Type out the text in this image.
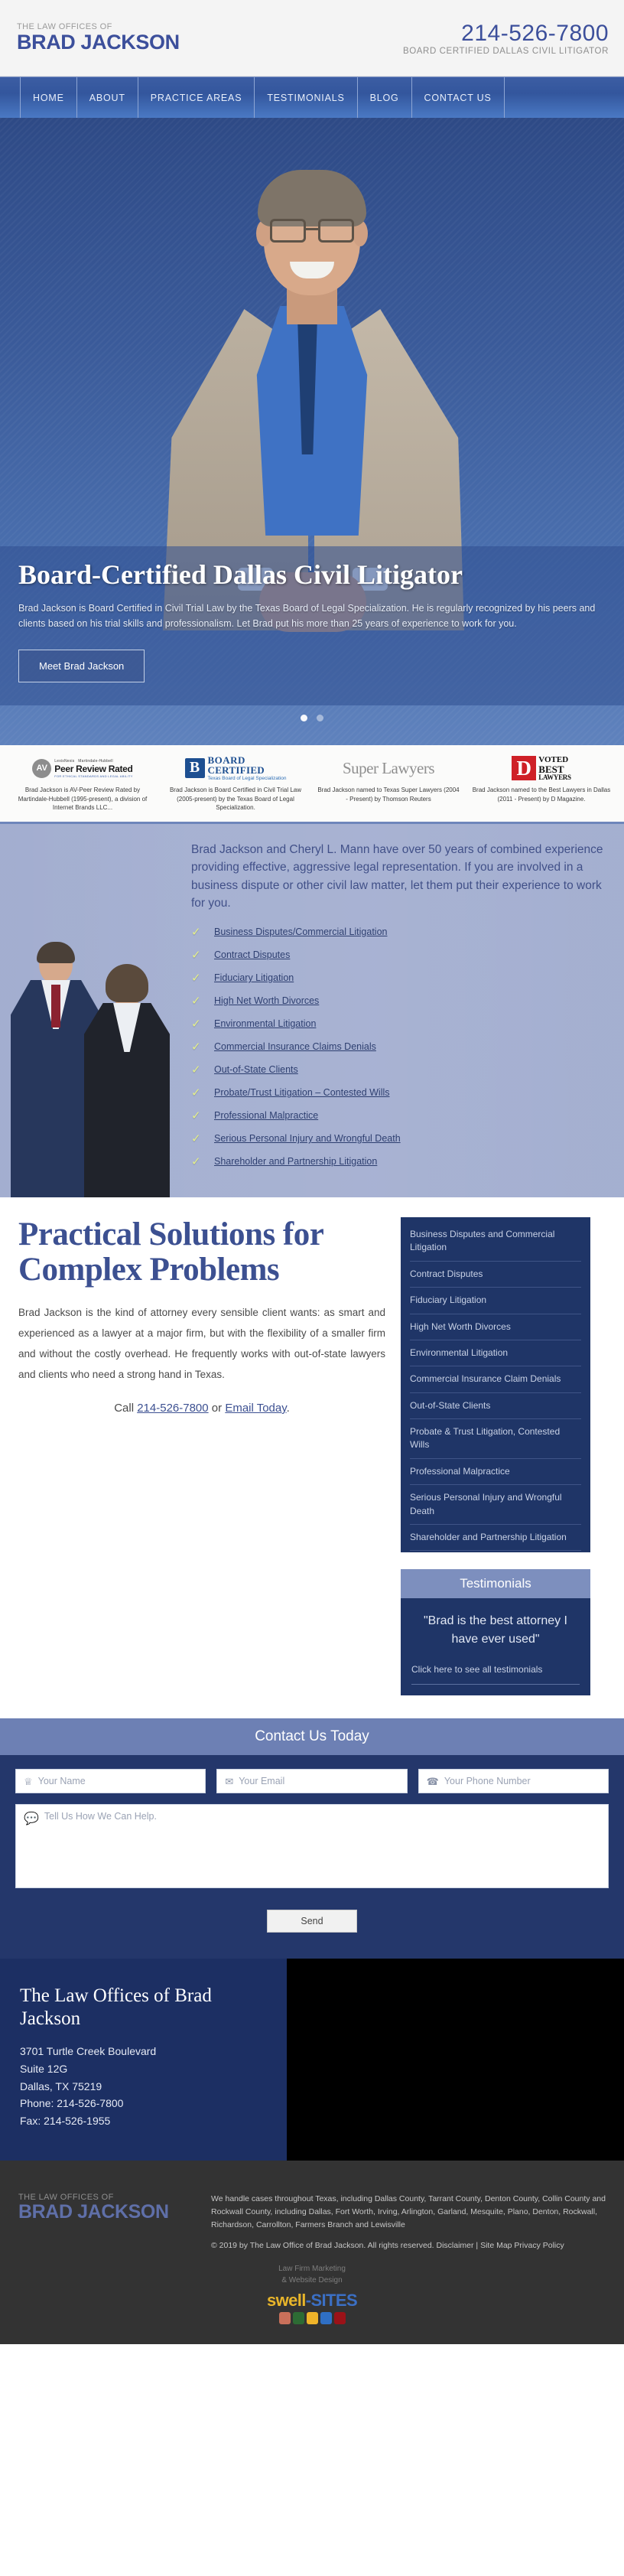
THE LAW OFFICES OF
BRAD JACKSON	214-526-7800
BOARD CERTIFIED DALLAS CIVIL LITIGATOR
HOME	ABOUT	PRACTICE AREAS	TESTIMONIALS	BLOG	CONTACT US
Board-Certified Dallas Civil Litigator

Brad Jackson is Board Certified in Civil Trial Law by the Texas Board of Legal Specialization. He is regularly recognized by his peers and clients based on his trial skills and professionalism. Let Brad put his more than 25 years of experience to work for you.

Meet Brad Jackson

AV
LexisNexis Martindale-Hubbell
Peer Review Rated
FOR ETHICAL STANDARDS AND LEGAL ABILITY
Brad Jackson is AV-Peer Review Rated by Martindale-Hubbell (1995-present), a division of Internet Brands LLC...
B BOARD
CERTIFIED
Texas Board of Legal Specialization
Brad Jackson is Board Certified in Civil Trial Law (2005-present) by the Texas Board of Legal Specialization.
Super Lawyers
Brad Jackson named to Texas Super Lawyers (2004 - Present) by Thomson Reuters
D VOTED
BEST
LAWYERS
Brad Jackson named to the Best Lawyers in Dallas (2011 - Present) by D Magazine.

Brad Jackson and Cheryl L. Mann have over 50 years of combined experience providing effective, aggressive legal representation. If you are involved in a business dispute or other civil law matter, let them put their experience to work for you.

✓	Business Disputes/Commercial Litigation
✓	Contract Disputes
✓	Fiduciary Litigation
✓	High Net Worth Divorces
✓	Environmental Litigation
✓	Commercial Insurance Claims Denials
✓	Out-of-State Clients
✓	Probate/Trust Litigation – Contested Wills
✓	Professional Malpractice
✓	Serious Personal Injury and Wrongful Death
✓	Shareholder and Partnership Litigation
Practical Solutions for Complex Problems

Brad Jackson is the kind of attorney every sensible client wants: as smart and experienced as a lawyer at a major firm, but with the flexibility of a smaller firm and without the costly overhead. He frequently works with out-of-state lawyers and clients who need a strong hand in Texas.

Call 214-526-7800 or Email Today.

Business Disputes and Commercial Litigation
Contract Disputes
Fiduciary Litigation
High Net Worth Divorces
Environmental Litigation
Commercial Insurance Claim Denials
Out-of-State Clients
Probate & Trust Litigation, Contested Wills
Professional Malpractice
Serious Personal Injury and Wrongful Death
Shareholder and Partnership Litigation
Testimonials
"Brad is the best attorney I have ever used"
Click here to see all testimonials
Contact Us Today
♕
Your Name	✉
Your Email	☎
Your Phone Number
💬
Tell Us How We Can Help.
Send
The Law Offices of Brad Jackson
3701 Turtle Creek Boulevard
Suite 12G
Dallas, TX 75219
Phone: 214-526-7800
Fax: 214-526-1955
THE LAW OFFICES OF
BRAD JACKSON

We handle cases throughout Texas, including Dallas County, Tarrant County, Denton County, Collin County and Rockwall County, including Dallas, Fort Worth, Irving, Arlington, Garland, Mesquite, Plano, Denton, Rockwall, Richardson, Carrollton, Farmers Branch and Lewisville

© 2019 by The Law Office of Brad Jackson. All rights reserved. Disclaimer | Site Map Privacy Policy

Law Firm Marketing
& Website Design
swell-SITES
